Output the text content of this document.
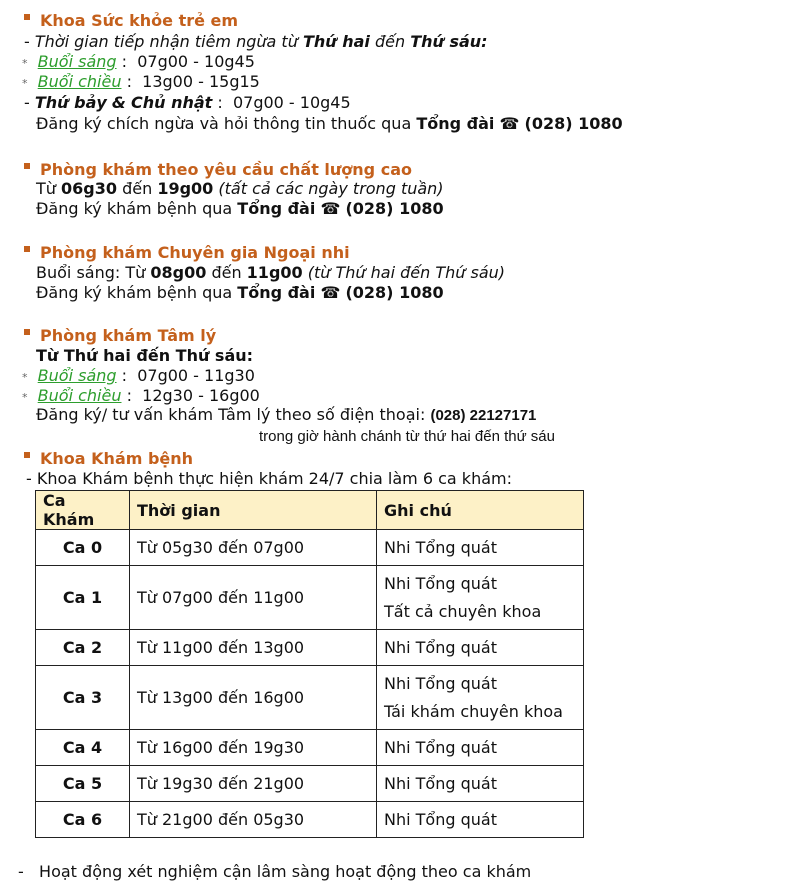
Khoa Sức khỏe trẻ em
- Thời gian tiếp nhận tiêm ngừa từ Thứ hai đến Thứ sáu:
* Buổi sáng : 07g00 - 10g45
* Buổi chiều : 13g00 - 15g15
- Thứ bảy & Chủ nhật : 07g00 - 10g45
Đăng ký chích ngừa và hỏi thông tin thuốc qua Tổng đài ☎ (028) 1080
Phòng khám theo yêu cầu chất lượng cao
Từ 06g30 đến 19g00 (tất cả các ngày trong tuần)
Đăng ký khám bệnh qua Tổng đài ☎ (028) 1080
Phòng khám Chuyên gia Ngoại nhi
Buổi sáng: Từ 08g00 đến 11g00 (từ Thứ hai đến Thứ sáu)
Đăng ký khám bệnh qua Tổng đài ☎ (028) 1080
Phòng khám Tâm lý
Từ Thứ hai đến Thứ sáu:
* Buổi sáng : 07g00 - 11g30
* Buổi chiều : 12g30 - 16g00
Đăng ký/ tư vấn khám Tâm lý theo số điện thoại: (028) 22127171
trong giờ hành chánh từ thứ hai đến thứ sáu
Khoa Khám bệnh
- Khoa Khám bệnh thực hiện khám 24/7 chia làm 6 ca khám:
Ca Khám	Thời gian	Ghi chú
Ca 0	Từ 05g30 đến 07g00	Nhi Tổng quát

Ca 1	Từ 07g00 đến 11g00	Nhi Tổng quát
Tất cả chuyên khoa

Ca 2	Từ 11g00 đến 13g00	Nhi Tổng quát

Ca 3	Từ 13g00 đến 16g00	Nhi Tổng quát
Tái khám chuyên khoa

Ca 4	Từ 16g00 đến 19g30	Nhi Tổng quát

Ca 5	Từ 19g30 đến 21g00	Nhi Tổng quát

Ca 6	Từ 21g00 đến 05g30	Nhi Tổng quát
- Hoạt động xét nghiệm cận lâm sàng hoạt động theo ca khám
